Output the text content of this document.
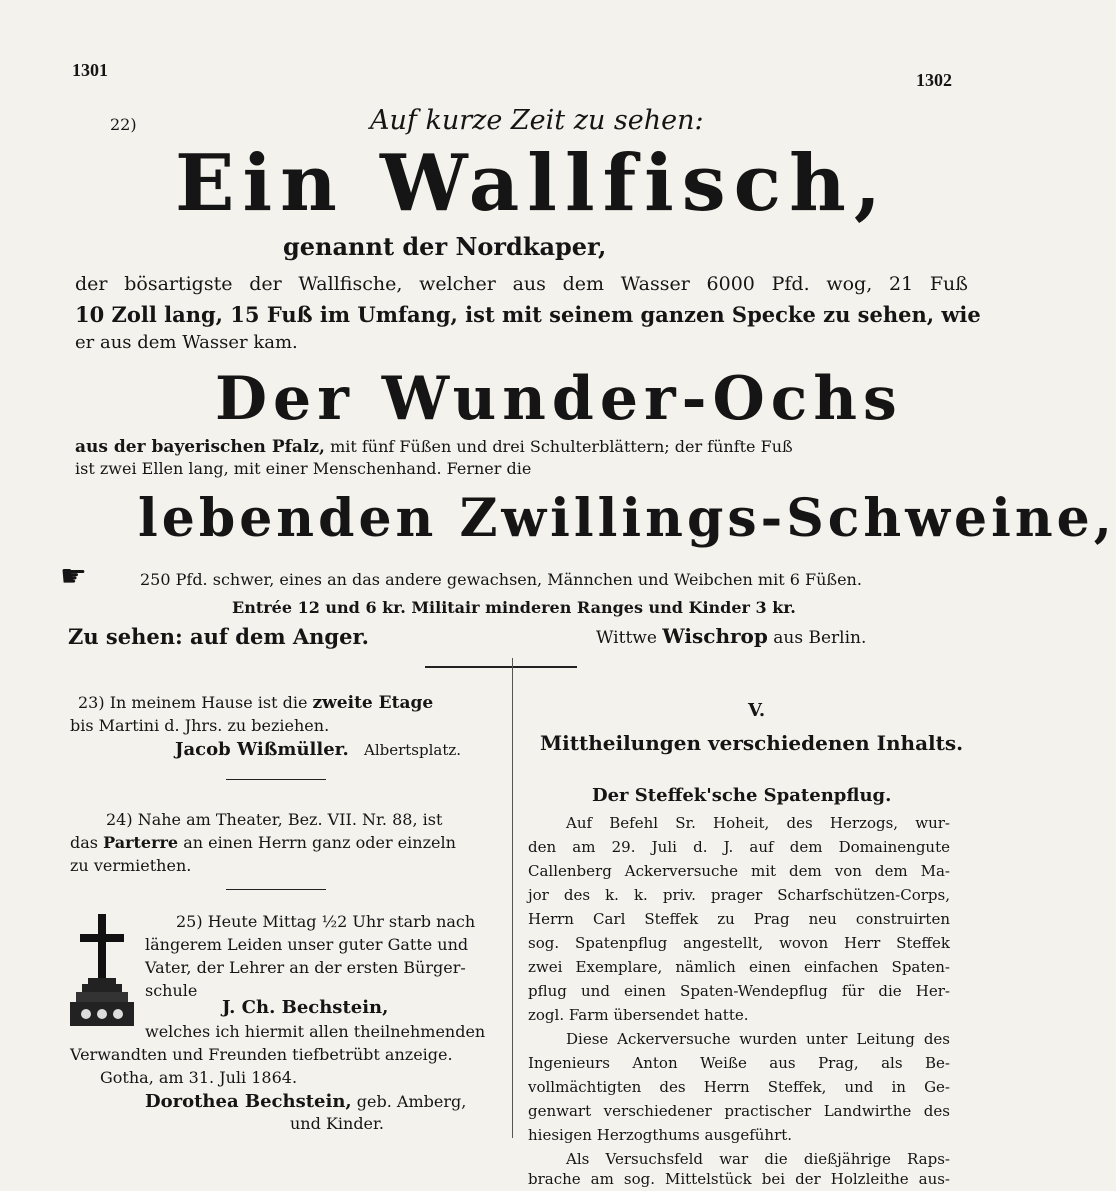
1301	1302
22)	Auf kurze Zeit zu sehen:
Ein Wallfisch,
genannt der Nordkaper,
der bösartigste der Wallfische, welcher aus dem Wasser 6000 Pfd. wog, 21 Fuß
10 Zoll lang, 15 Fuß im Umfang, ist mit seinem ganzen Specke zu sehen, wie
er aus dem Wasser kam.
Der Wunder-Ochs
aus der bayerischen Pfalz, mit fünf Füßen und drei Schulterblättern; der fünfte Fuß
ist zwei Ellen lang, mit einer Menschenhand. Ferner die
lebenden Zwillings-Schweine,
☛	250 Pfd. schwer, eines an das andere gewachsen, Männchen und Weibchen mit 6 Füßen.
Entrée 12 und 6 kr. Militair minderen Ranges und Kinder 3 kr.
Zu sehen: auf dem Anger.	Wittwe Wischrop aus Berlin.
23) In meinem Hause ist die zweite Etage
bis Martini d. Jhrs. zu beziehen.
Jacob Wißmüller. Albertsplatz.
24) Nahe am Theater, Bez. VII. Nr. 88, ist
das Parterre an einen Herrn ganz oder einzeln
zu vermiethen.
25) Heute Mittag ½2 Uhr starb nach
längerem Leiden unser guter Gatte und
Vater, der Lehrer an der ersten Bürger-
schule
J. Ch. Bechstein,
welches ich hiermit allen theilnehmenden
Verwandten und Freunden tiefbetrübt anzeige.
Gotha, am 31. Juli 1864.
Dorothea Bechstein, geb. Amberg,
und Kinder.
V.
Mittheilungen verschiedenen Inhalts.
Der Steffek'sche Spatenpflug.
Auf Befehl Sr. Hoheit, des Herzogs, wur-
den am 29. Juli d. J. auf dem Domainengute
Callenberg Ackerversuche mit dem von dem Ma-
jor des k. k. priv. prager Scharfschützen-Corps,
Herrn Carl Steffek zu Prag neu construirten
sog. Spatenpflug angestellt, wovon Herr Steffek
zwei Exemplare, nämlich einen einfachen Spaten-
pflug und einen Spaten-Wendepflug für die Her-
zogl. Farm übersendet hatte.
Diese Ackerversuche wurden unter Leitung des
Ingenieurs Anton Weiße aus Prag, als Be-
vollmächtigten des Herrn Steffek, und in Ge-
genwart verschiedener practischer Landwirthe des
hiesigen Herzogthums ausgeführt.
Als Versuchsfeld war die dießjährige Raps-
brache am sog. Mittelstück bei der Holzleithe aus-
